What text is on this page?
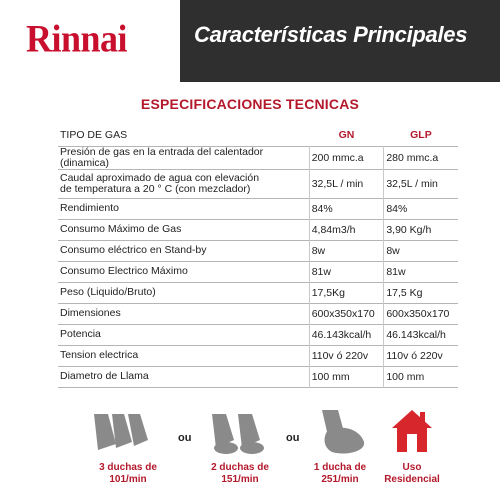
Rinnai	Características Principales
ESPECIFICACIONES TECNICAS
TIPO DE GAS	GN	GLP
Presión de gas en la entrada del calentador (dinamica)	200 mmc.a	280 mmc.a
Caudal aproximado de agua con elevación
de temperatura a 20 ° C (con mezclador)	32,5L / min	32,5L / min
Rendimiento	84%	84%
Consumo Máximo de Gas	4,84m3/h	3,90 Kg/h
Consumo eléctrico en Stand-by	8w	8w
Consumo Electrico Máximo	81w	81w
Peso (Liquido/Bruto)	17,5Kg	17,5 Kg
Dimensiones	600x350x170	600x350x170
Potencia	46.143kcal/h	46.143kcal/h
Tension electrica	110v ó 220v	110v ó 220v
Diametro de Llama	100 mm	100 mm
ou	ou
3 duchas de
101/min
2 duchas de
151/min
1 ducha de
251/min
Uso
Residencial
